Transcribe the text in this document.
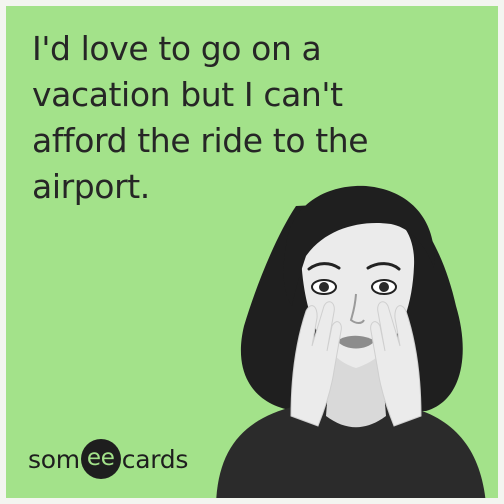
I'd love to go on a vacation but I can't afford the ride to the airport.

som ee cards
